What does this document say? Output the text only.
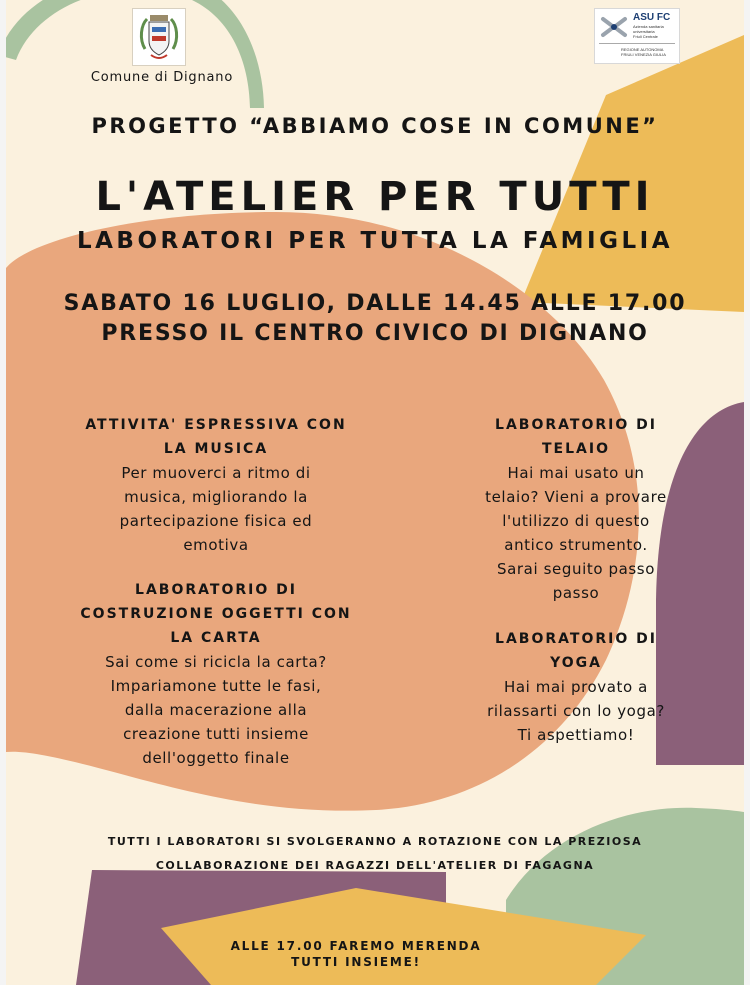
Comune di Dignano
ASU FC
Azienda sanitaria
universitaria
Friuli Centrale
REGIONE AUTONOMA
FRIULI VENEZIA GIULIA
PROGETTO “ABBIAMO COSE IN COMUNE”
L'ATELIER PER TUTTI
LABORATORI PER TUTTA LA FAMIGLIA
SABATO 16 LUGLIO, DALLE 14.45 ALLE 17.00
PRESSO IL CENTRO CIVICO DI DIGNANO
ATTIVITA' ESPRESSIVA CON
LA MUSICA
Per muoverci a ritmo di
musica, migliorando la
partecipazione fisica ed
emotiva
LABORATORIO DI
COSTRUZIONE OGGETTI CON
LA CARTA
Sai come si ricicla la carta?
Impariamone tutte le fasi,
dalla macerazione alla
creazione tutti insieme
dell'oggetto finale
LABORATORIO DI
TELAIO
Hai mai usato un
telaio? Vieni a provare
l'utilizzo di questo
antico strumento.
Sarai seguito passo
passo
LABORATORIO DI
YOGA
Hai mai provato a
rilassarti con lo yoga?
Ti aspettiamo!
TUTTI I LABORATORI SI SVOLGERANNO A ROTAZIONE CON LA PREZIOSA
COLLABORAZIONE DEI RAGAZZI DELL'ATELIER DI FAGAGNA
ALLE 17.00 FAREMO MERENDA
TUTTI INSIEME!
